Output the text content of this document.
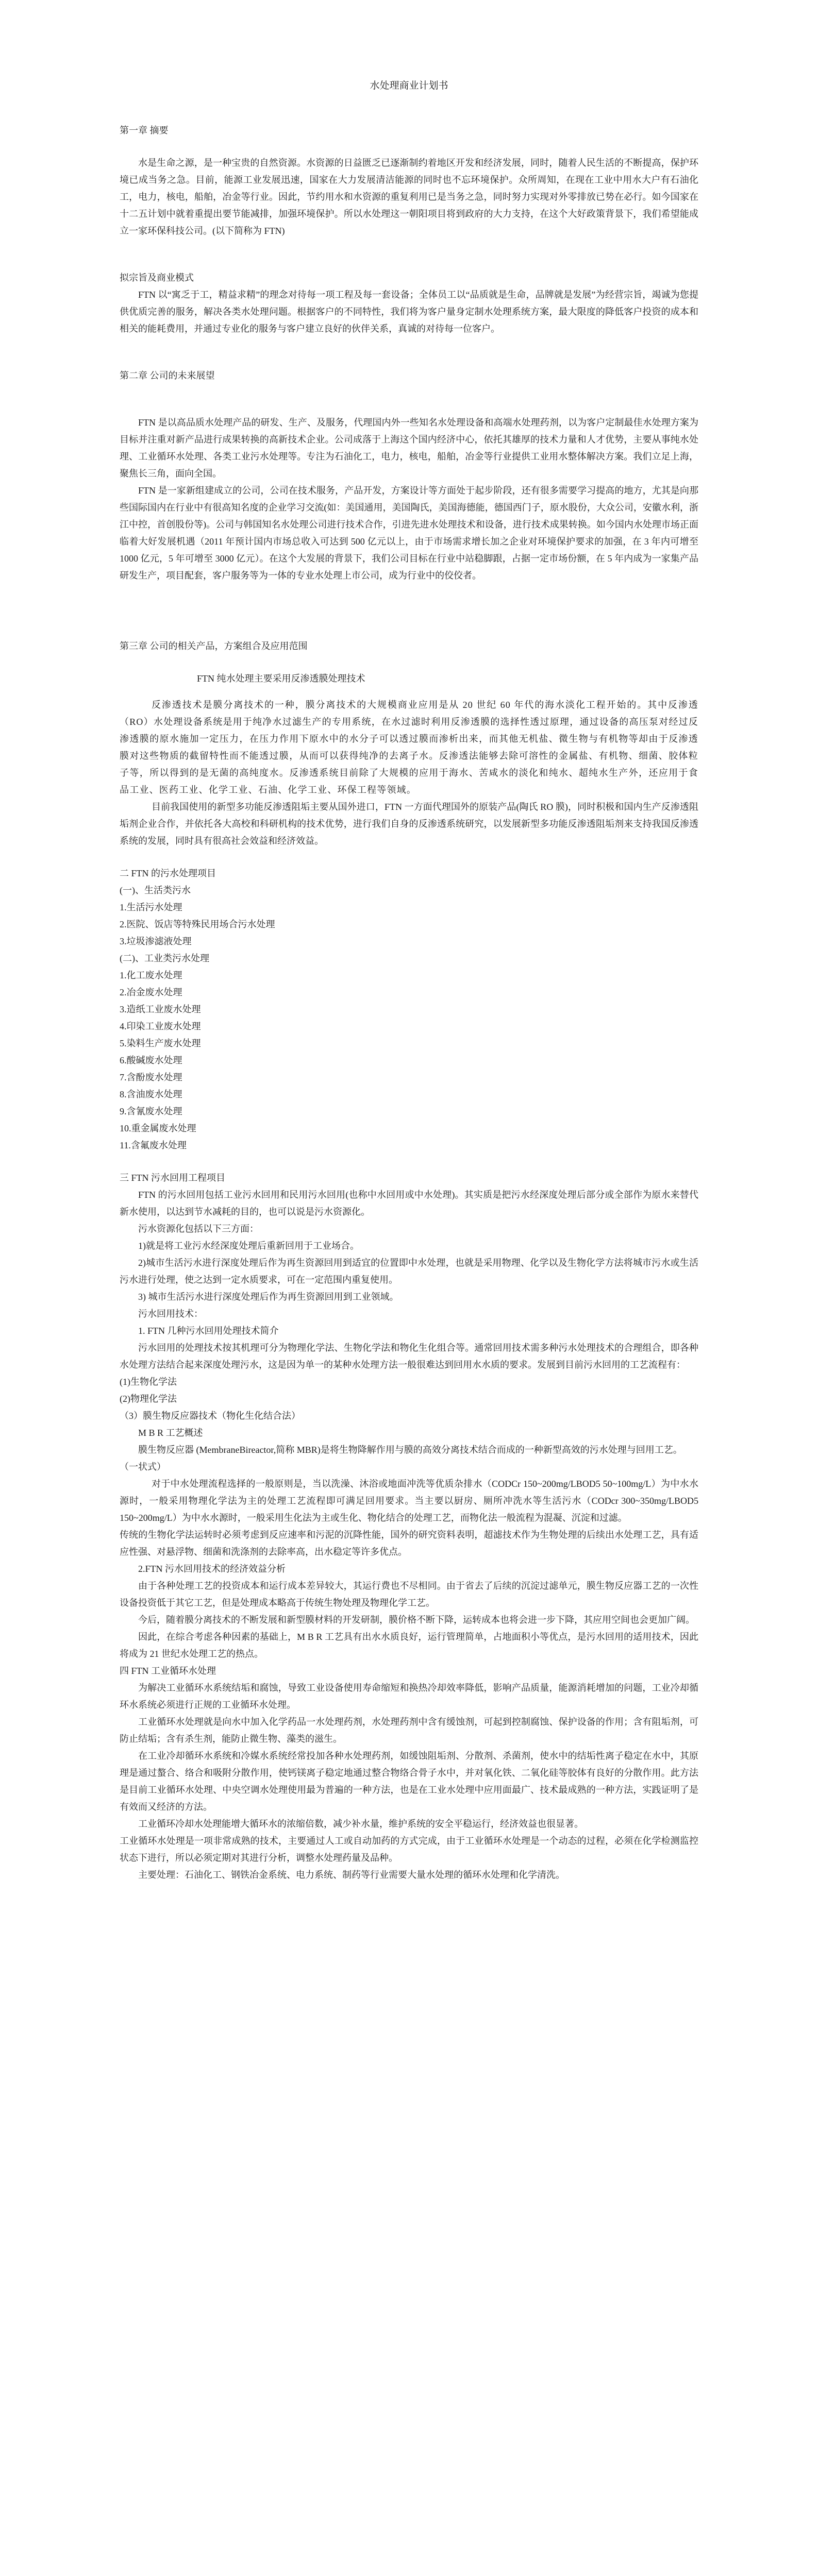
水处理商业计划书

第一章 摘要

水是生命之源，是一种宝贵的自然资源。水资源的日益匮乏已逐渐制约着地区开发和经济发展，同时，随着人民生活的不断提高，保护环境已成当务之急。目前，能源工业发展迅速，国家在大力发展清洁能源的同时也不忘环境保护。众所周知，在现在工业中用水大户有石油化工，电力，核电，船舶，冶金等行业。因此，节约用水和水资源的重复利用已是当务之急，同时努力实现对外零排放已势在必行。如今国家在十二五计划中就着重提出要节能减排，加强环境保护。所以水处理这一朝阳项目将到政府的大力支持，在这个大好政策背景下，我们希望能成立一家环保科技公司。(以下简称为 FTN)

拟宗旨及商业模式

FTN 以“寓乏于工，精益求精”的理念对待每一项工程及每一套设备；全体员工以“品质就是生命，品牌就是发展”为经营宗旨，竭诚为您提供优质完善的服务，解决各类水处理问题。根据客户的不同特性，我们将为客户量身定制水处理系统方案，最大限度的降低客户投资的成本和相关的能耗费用，并通过专业化的服务与客户建立良好的伙伴关系，真诚的对待每一位客户。

第二章 公司的未来展望

FTN 是以高品质水处理产品的研发、生产、及服务，代理国内外一些知名水处理设备和高端水处理药剂，以为客户定制最佳水处理方案为目标并注重对新产品进行成果转换的高新技术企业。公司成落于上海这个国内经济中心，依托其雄厚的技术力量和人才优势，主要从事纯水处理、工业循环水处理、各类工业污水处理等。专注为石油化工，电力，核电，船舶，冶金等行业提供工业用水整体解决方案。我们立足上海，聚焦长三角，面向全国。

FTN 是一家新组建成立的公司，公司在技术服务，产品开发，方案设计等方面处于起步阶段，还有很多需要学习提高的地方，尤其是向那些国际国内在行业中有很高知名度的企业学习交流(如：美国通用，美国陶氏，美国海德能，德国西门子，原水股份，大众公司，安徽水利，浙江中控，首创股份等)。公司与韩国知名水处理公司进行技术合作，引进先进水处理技术和设备，进行技术成果转换。如今国内水处理市场正面临着大好发展机遇（2011 年预计国内市场总收入可达到 500 亿元以上，由于市场需求增长加之企业对环境保护要求的加强，在 3 年内可增至 1000 亿元，5 年可增至 3000 亿元）。在这个大发展的背景下，我们公司目标在行业中站稳脚跟，占据一定市场份额，在 5 年内成为一家集产品研发生产，项目配套，客户服务等为一体的专业水处理上市公司，成为行业中的佼佼者。

第三章 公司的相关产品，方案组合及应用范围

FTN 纯水处理主要采用反渗透膜处理技术

反渗透技术是膜分离技术的一种，膜分离技术的大规模商业应用是从 20 世纪 60 年代的海水淡化工程开始的。其中反渗透（RO）水处理设备系统是用于纯净水过滤生产的专用系统，在水过滤时利用反渗透膜的选择性透过原理，通过设备的高压泵对经过反渗透膜的原水施加一定压力，在压力作用下原水中的水分子可以透过膜而渗析出来，而其他无机盐、微生物与有机物等却由于反渗透膜对这些物质的截留特性而不能透过膜，从而可以获得纯净的去离子水。反渗透法能够去除可溶性的金属盐、有机物、细菌、胶体粒子等，所以得到的是无菌的高纯度水。反渗透系统目前除了大规模的应用于海水、苦咸水的淡化和纯水、超纯水生产外，还应用于食品工业、医药工业、化学工业、石油、化学工业、环保工程等领域。

目前我国使用的新型多功能反渗透阻垢主要从国外进口，FTN 一方面代理国外的原装产品(陶氏 RO 膜)，同时积极和国内生产反渗透阻垢剂企业合作，并依托各大高校和科研机构的技术优势，进行我们自身的反渗透系统研究，以发展新型多功能反渗透阻垢剂来支持我国反渗透系统的发展，同时具有很高社会效益和经济效益。

二 FTN 的污水处理项目

(一)、生活类污水

1.生活污水处理

2.医院、饭店等特殊民用场合污水处理

3.垃圾渗滤液处理

(二)、工业类污水处理

1.化工废水处理

2.冶金废水处理

3.造纸工业废水处理

4.印染工业废水处理

5.染料生产废水处理

6.酸碱废水处理

7.含酚废水处理

8.含油废水处理

9.含氰废水处理

10.重金属废水处理

11.含氟废水处理

三 FTN 污水回用工程项目

FTN 的污水回用包括工业污水回用和民用污水回用(也称中水回用或中水处理)。其实质是把污水经深度处理后部分或全部作为原水来替代新水使用，以达到节水减耗的目的，也可以说是污水资源化。

污水资源化包括以下三方面：

1)就是将工业污水经深度处理后重新回用于工业场合。

2)城市生活污水进行深度处理后作为再生资源回用到适宜的位置即中水处理，也就是采用物理、化学以及生物化学方法将城市污水或生活污水进行处理，使之达到一定水质要求，可在一定范围内重复使用。

3) 城市生活污水进行深度处理后作为再生资源回用到工业领域。

污水回用技术：

1. FTN 几种污水回用处理技术简介

污水回用的处理技术按其机理可分为物理化学法、生物化学法和物化生化组合等。通常回用技术需多种污水处理技术的合理组合，即各种水处理方法结合起来深度处理污水，这是因为单一的某种水处理方法一般很难达到回用水水质的要求。发展到目前污水回用的工艺流程有：

(1)生物化学法

(2)物理化学法

（3）膜生物反应器技术（物化生化结合法）

M B R 工艺概述

膜生物反应器 (MembraneBireactor,简称 MBR)是将生物降解作用与膜的高效分离技术结合而成的一种新型高效的污水处理与回用工艺。

（一状式）

对于中水处理流程选择的一般原则是，当以洗澡、沐浴或地面冲洗等优质杂排水（CODCr 150~200mg/LBOD5 50~100mg/L）为中水水源时，一般采用物理化学法为主的处理工艺流程即可满足回用要求。当主要以厨房、厕所冲洗水等生活污水（CODcr 300~350mg/LBOD5 150~200mg/L）为中水水源时，一般采用生化法为主或生化、物化结合的处理工艺，而物化法一般流程为混凝、沉淀和过滤。

传统的生物化学法运转时必须考虑到反应速率和污泥的沉降性能，国外的研究资料表明，超滤技术作为生物处理的后续出水处理工艺，具有适应性强、对悬浮物、细菌和洗涤剂的去除率高，出水稳定等许多优点。

2.FTN 污水回用技术的经济效益分析

由于各种处理工艺的投资成本和运行成本差异较大，其运行费也不尽相同。由于省去了后续的沉淀过滤单元，膜生物反应器工艺的一次性设备投资低于其它工艺，但是处理成本略高于传统生物处理及物理化学工艺。

今后，随着膜分离技术的不断发展和新型膜材料的开发研制，膜价格不断下降，运转成本也将会进一步下降，其应用空间也会更加广阔。

因此，在综合考虑各种因素的基础上，M B R 工艺具有出水水质良好，运行管理简单，占地面积小等优点，是污水回用的适用技术，因此将成为 21 世纪水处理工艺的热点。

四 FTN 工业循环水处理

为解决工业循环水系统结垢和腐蚀，导致工业设备使用寿命缩短和换热冷却效率降低，影响产品质量，能源消耗增加的问题，工业冷却循环水系统必须进行正规的工业循环水处理。

工业循环水处理就是向水中加入化学药品一水处理药剂，水处理药剂中含有缓蚀剂，可起到控制腐蚀、保护设备的作用；含有阻垢剂，可防止结垢；含有杀生剂，能防止微生物、藻类的滋生。

在工业冷却循环水系统和冷媒水系统经常投加各种水处理药剂，如缓蚀阻垢剂、分散剂、杀菌剂，使水中的结垢性离子稳定在水中，其原理是通过螯合、络合和吸附分散作用，使钙镁离子稳定地通过整合物络合骨子水中，并对氧化铁、二氧化硅等胶体有良好的分散作用。此方法是目前工业循环水处理、中央空调水处理使用最为普遍的一种方法，也是在工业水处理中应用面最广、技术最成熟的一种方法，实践证明了是有效而又经济的方法。

工业循环冷却水处理能增大循环水的浓缩倍数，减少补水量，维护系统的安全平稳运行，经济效益也很显著。

工业循环水处理是一项非常成熟的技术，主要通过人工或自动加药的方式完成，由于工业循环水处理是一个动态的过程，必须在化学检测监控状态下进行，所以必须定期对其进行分析，调整水处理药量及品种。

主要处理：石油化工、钢铁冶金系统、电力系统、制药等行业需要大量水处理的循环水处理和化学清洗。
